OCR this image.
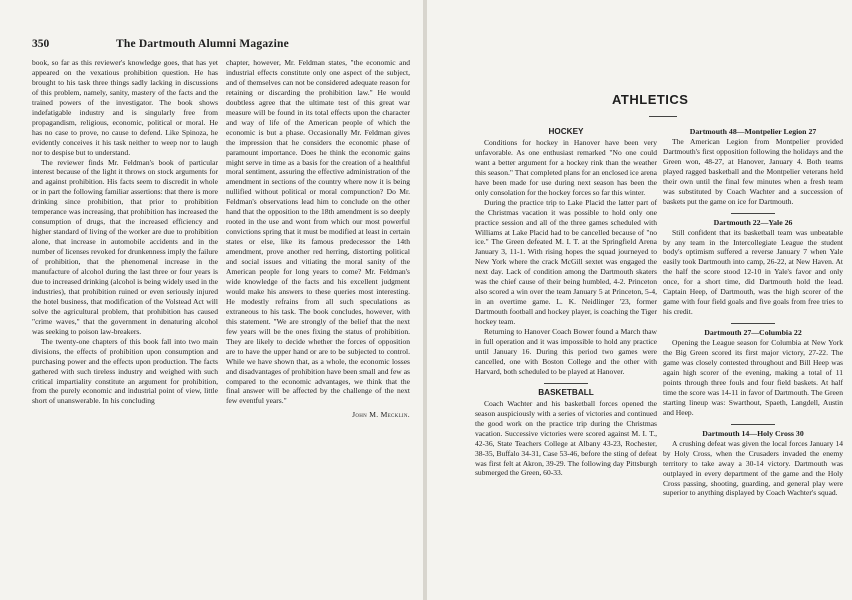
350	The Dartmouth Alumni Magazine

book, so far as this reviewer's knowledge goes, that has yet appeared on the vexatious prohibition question. He has brought to his task three things sadly lacking in discussions of this problem, namely, sanity, mastery of the facts and the trained powers of the investigator. The book shows indefatigable industry and is singularly free from propagandism, religious, economic, political or moral. He has no case to prove, no cause to defend. Like Spinoza, he evidently conceives it his task neither to weep nor to laugh nor to despise but to understand.

The reviewer finds Mr. Feldman's book of particular interest because of the light it throws on stock arguments for and against prohibition. His facts seem to discredit in whole or in part the following familiar assertions: that there is more drinking since prohibition, that prior to prohibition temperance was increasing, that prohibition has increased the consumption of drugs, that the increased efficiency and higher standard of living of the worker are due to prohibition alone, that increase in automobile accidents and in the number of licenses revoked for drunkenness imply the failure of prohibition, that the phenomenal increase in the manufacture of alcohol during the last three or four years is due to increased drinking (alcohol is being widely used in the industries), that prohibition ruined or even seriously injured the hotel business, that modification of the Volstead Act will solve the agricultural problem, that prohibition has caused "crime waves," that the government in denaturing alcohol was seeking to poison law-breakers.

The twenty-one chapters of this book fall into two main divisions, the effects of prohibition upon consumption and purchasing power and the effects upon production. The facts gathered with such tireless industry and weighed with such critical impartiality constitute an argument for prohibition, from the purely economic and industrial point of view, little short of unanswerable. In his concluding

chapter, however, Mr. Feldman states, "the economic and industrial effects constitute only one aspect of the subject, and of themselves can not be considered adequate reason for retaining or discarding the prohibition law." He would doubtless agree that the ultimate test of this great war measure will be found in its total effects upon the character and way of life of the American people of which the economic is but a phase. Occasionally Mr. Feldman gives the impression that he considers the economic phase of paramount importance. Does he think the economic gains might serve in time as a basis for the creation of a healthful moral sentiment, assuring the effective administration of the amendment in sections of the country where now it is being nullified without political or moral compunction? Do Mr. Feldman's observations lead him to conclude on the other hand that the opposition to the 18th amendment is so deeply rooted in the use and wont from which our most powerful convictions spring that it must be modified at least in certain states or else, like its famous predecessor the 14th amendment, prove another red herring, distorting political and social issues and vitiating the moral sanity of the American people for long years to come? Mr. Feldman's wide knowledge of the facts and his excellent judgment would make his answers to these queries most interesting. He modestly refrains from all such speculations as extraneous to his task. The book concludes, however, with this statement. "We are strongly of the belief that the next few years will be the ones fixing the status of prohibition. They are likely to decide whether the forces of opposition are to have the upper hand or are to be subjected to control. While we have shown that, as a whole, the economic losses and disadvantages of prohibition have been small and few as compared to the economic advantages, we think that the final answer will be affected by the challenge of the next few eventful years."

John M. Mecklin.
ATHLETICS
HOCKEY

Conditions for hockey in Hanover have been very unfavorable. As one enthusiast remarked "No one could want a better argument for a hockey rink than the weather this season." That completed plans for an enclosed ice arena have been made for use during next season has been the only consolation for the hockey forces so far this winter.

During the practice trip to Lake Placid the latter part of the Christmas vacation it was possible to hold only one practice session and all of the three games scheduled with Williams at Lake Placid had to be cancelled because of "no ice." The Green defeated M. I. T. at the Springfield Arena January 3, 11-1. With rising hopes the squad journeyed to New York where the crack McGill sextet was engaged the next day. Lack of condition among the Dartmouth skaters was the chief cause of their being humbled, 4-2. Princeton also scored a win over the team January 5 at Princeton, 5-4, in an overtime game. L. K. Neidlinger '23, former Dartmouth football and hockey player, is coaching the Tiger hockey team.

Returning to Hanover Coach Bower found a March thaw in full operation and it was impossible to hold any practice until January 16. During this period two games were cancelled, one with Boston College and the other with Harvard, both scheduled to be played at Hanover.

BASKETBALL

Coach Wachter and his basketball forces opened the season auspiciously with a series of victories and continued the good work on the practice trip during the Christmas vacation. Successive victories were scored against M. I. T., 42-36, State Teachers College at Albany 43-23, Rochester, 38-35, Buffalo 34-31, Case 53-46, before the sting of defeat was first felt at Akron, 39-29. The following day Pittsburgh submerged the Green, 60-33.

Dartmouth 48—Montpelier Legion 27

The American Legion from Montpelier provided Dartmouth's first opposition following the holidays and the Green won, 48-27, at Hanover, January 4. Both teams played ragged basketball and the Montpelier veterans held their own until the final few minutes when a fresh team was substituted by Coach Wachter and a succession of baskets put the game on ice for Dartmouth.

Dartmouth 22—Yale 26

Still confident that its basketball team was unbeatable by any team in the Intercollegiate League the student body's optimism suffered a reverse January 7 when Yale easily took Dartmouth into camp, 26-22, at New Haven. At the half the score stood 12-10 in Yale's favor and only once, for a short time, did Dartmouth hold the lead. Captain Heep, of Dartmouth, was the high scorer of the game with four field goals and five goals from free tries to his credit.

Dartmouth 27—Columbia 22

Opening the League season for Columbia at New York the Big Green scored its first major victory, 27-22. The game was closely contested throughout and Bill Heep was again high scorer of the evening, making a total of 11 points through three fouls and four field baskets. At half time the score was 14-11 in favor of Dartmouth. The Green starting lineup was: Swarthout, Spaeth, Langdell, Austin and Heep.

Dartmouth 14—Holy Cross 30

A crushing defeat was given the local forces January 14 by Holy Cross, when the Crusaders invaded the enemy territory to take away a 30-14 victory. Dartmouth was outplayed in every department of the game and the Holy Cross passing, shooting, guarding, and general play were superior to anything displayed by Coach Wachter's squad.
